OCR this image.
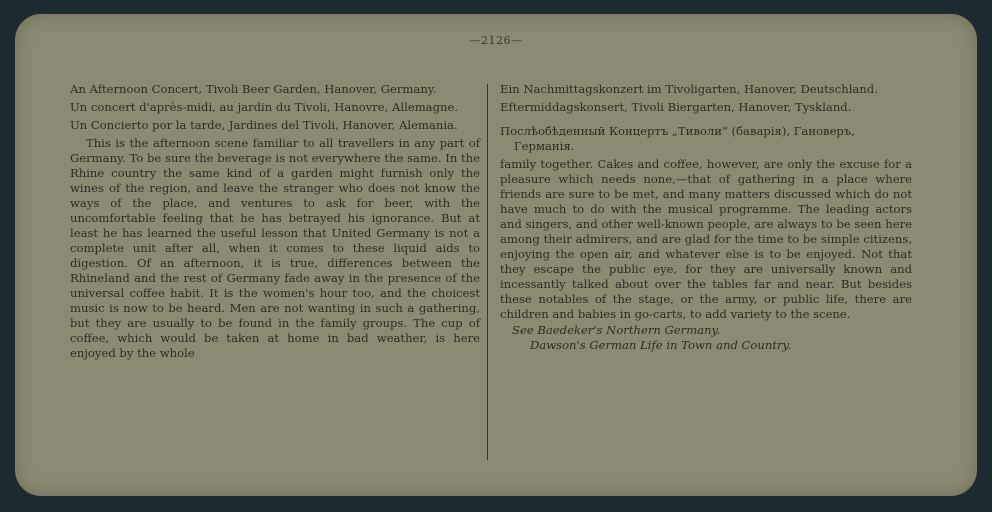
—2126—
An Afternoon Concert, Tivoli Beer Garden, Hanover, Germany.
Un concert d'après-midi, au jardin du Tivoli, Hanovre, Allemagne.
Un Concierto por la tarde, Jardines del Tivoli, Hanover, Alemania.

This is the afternoon scene familiar to all travellers in any part of Germany. To be sure the beverage is not everywhere the same. In the Rhine country the same kind of a garden might furnish only the wines of the region, and leave the stranger who does not know the ways of the place, and ventures to ask for beer, with the uncomfortable feeling that he has betrayed his ignorance. But at least he has learned the useful lesson that United Germany is not a complete unit after all, when it comes to these liquid aids to digestion. Of an afternoon, it is true, differences between the Rhineland and the rest of Germany fade away in the presence of the universal coffee habit. It is the women's hour too, and the choicest music is now to be heard. Men are not wanting in such a gathering, but they are usually to be found in the family groups. The cup of coffee, which would be taken at home in bad weather, is here enjoyed by the whole

Ein Nachmittagskonzert im Tivoligarten, Hanover, Deutschland.
Eftermiddagskonsert, Tivoli Biergarten, Hanover, Tyskland.
Послѣобѣденный Концертъ „Тиволи“ (бавaрія), Гановеръ, Германія.

family together. Cakes and coffee, however, are only the excuse for a pleasure which needs none,—that of gathering in a place where friends are sure to be met, and many matters discussed which do not have much to do with the musical programme. The leading actors and singers, and other well-known people, are always to be seen here among their admirers, and are glad for the time to be simple citizens, enjoying the open air, and whatever else is to be enjoyed. Not that they escape the public eye, for they are universally known and incessantly talked about over the tables far and near. But besides these notables of the stage, or the army, or public life, there are children and babies in go-carts, to add variety to the scene.

See Baedeker's Northern Germany.
Dawson's German Life in Town and Country.
